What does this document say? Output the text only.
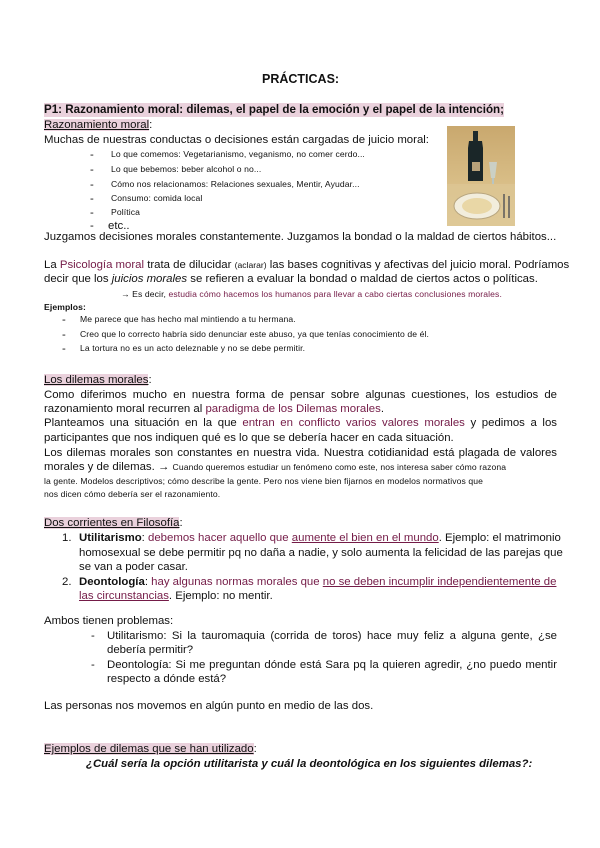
PRÁCTICAS:
P1: Razonamiento moral: dilemas, el papel de la emoción y el papel de la intención;
Razonamiento moral:
Muchas de nuestras conductas o decisiones están cargadas de juicio moral:
- Lo que comemos: Vegetarianismo, veganismo, no comer cerdo...
- Lo que bebemos: beber alcohol o no...
- Cómo nos relacionamos: Relaciones sexuales, Mentir, Ayudar...
- Consumo: comida local
- Política
- etc..
Juzgamos decisiones morales constantemente. Juzgamos la bondad o la maldad de ciertos hábitos...
La Psicología moral trata de dilucidar (aclarar) las bases cognitivas y afectivas del juicio moral. Podríamos
decir que los juicios morales se refieren a evaluar la bondad o maldad de ciertos actos o políticas.
→ Es decir, estudia cómo hacemos los humanos para llevar a cabo ciertas conclusiones morales.
Ejemplos:
- Me parece que has hecho mal mintiendo a tu hermana.
- Creo que lo correcto habría sido denunciar este abuso, ya que tenías conocimiento de él.
- La tortura no es un acto deleznable y no se debe permitir.
Los dilemas morales:
Como diferimos mucho en nuestra forma de pensar sobre algunas cuestiones, los estudios de
razonamiento moral recurren al paradigma de los Dilemas morales.
Planteamos una situación en la que entran en conflicto varios valores morales y pedimos a los
participantes que nos indiquen qué es lo que se debería hacer en cada situación.
Los dilemas morales son constantes en nuestra vida. Nuestra cotidianidad está plagada de valores
morales y de dilemas. → Cuando queremos estudiar un fenómeno como este, nos interesa saber cómo razona
la gente. Modelos descriptivos; cómo describe la gente. Pero nos viene bien fijarnos en modelos normativos que
nos dicen cómo debería ser el razonamiento.
Dos corrientes en Filosofía:
1. Utilitarismo: debemos hacer aquello que aumente el bien en el mundo. Ejemplo: el matrimonio
homosexual se debe permitir pq no daña a nadie, y solo aumenta la felicidad de las parejas que
se van a poder casar.
2. Deontología: hay algunas normas morales que no se deben incumplir independientemente de
las circunstancias. Ejemplo: no mentir.
Ambos tienen problemas:
- Utilitarismo: Si la tauromaquia (corrida de toros) hace muy feliz a alguna gente, ¿se
debería permitir?
- Deontología: Si me preguntan dónde está Sara pq la quieren agredir, ¿no puedo mentir
respecto a dónde está?
Las personas nos movemos en algún punto en medio de las dos.
Ejemplos de dilemas que se han utilizado:
¿Cuál sería la opción utilitarista y cuál la deontológica en los siguientes dilemas?:
